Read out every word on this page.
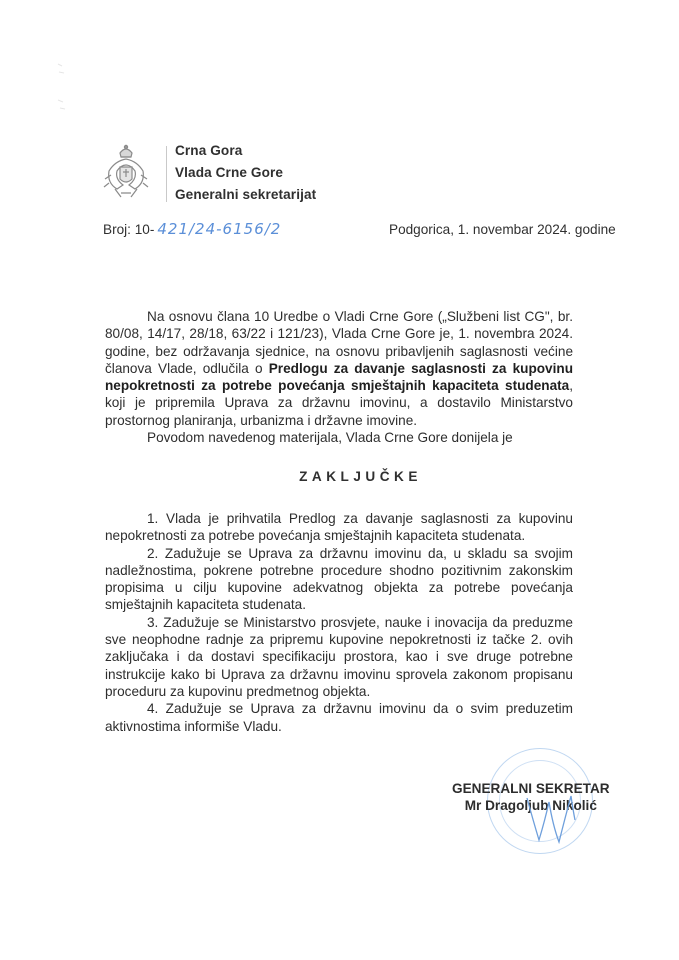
Crna Gora
Vlada Crne Gore
Generalni sekretarijat
Broj: 10- 421/24-6156/2	Podgorica, 1. novembar 2024. godine

Na osnovu člana 10 Uredbe o Vladi Crne Gore („Službeni list CG", br. 80/08, 14/17, 28/18, 63/22 i 121/23), Vlada Crne Gore je, 1. novembra 2024. godine, bez održavanja sjednice, na osnovu pribavljenih saglasnosti većine članova Vlade, odlučila o Predlogu za davanje saglasnosti za kupovinu nepokretnosti za potrebe povećanja smještajnih kapaciteta studenata, koji je pripremila Uprava za državnu imovinu, a dostavilo Ministarstvo prostornog planiranja, urbanizma i državne imovine.

Povodom navedenog materijala, Vlada Crne Gore donijela je

ZAKLJUČKE

1. Vlada je prihvatila Predlog za davanje saglasnosti za kupovinu nepokretnosti za potrebe povećanja smještajnih kapaciteta studenata.

2. Zadužuje se Uprava za državnu imovinu da, u skladu sa svojim nadležnostima, pokrene potrebne procedure shodno pozitivnim zakonskim propisima u cilju kupovine adekvatnog objekta za potrebe povećanja smještajnih kapaciteta studenata.

3. Zadužuje se Ministarstvo prosvjete, nauke i inovacija da preduzme sve neophodne radnje za pripremu kupovine nepokretnosti iz tačke 2. ovih zaključaka i da dostavi specifikaciju prostora, kao i sve druge potrebne instrukcije kako bi Uprava za državnu imovinu sprovela zakonom propisanu proceduru za kupovinu predmetnog objekta.

4. Zadužuje se Uprava za državnu imovinu da o svim preduzetim aktivnostima informiše Vladu.

GENERALNI SEKRETAR
Mr Dragoljub Nikolić
